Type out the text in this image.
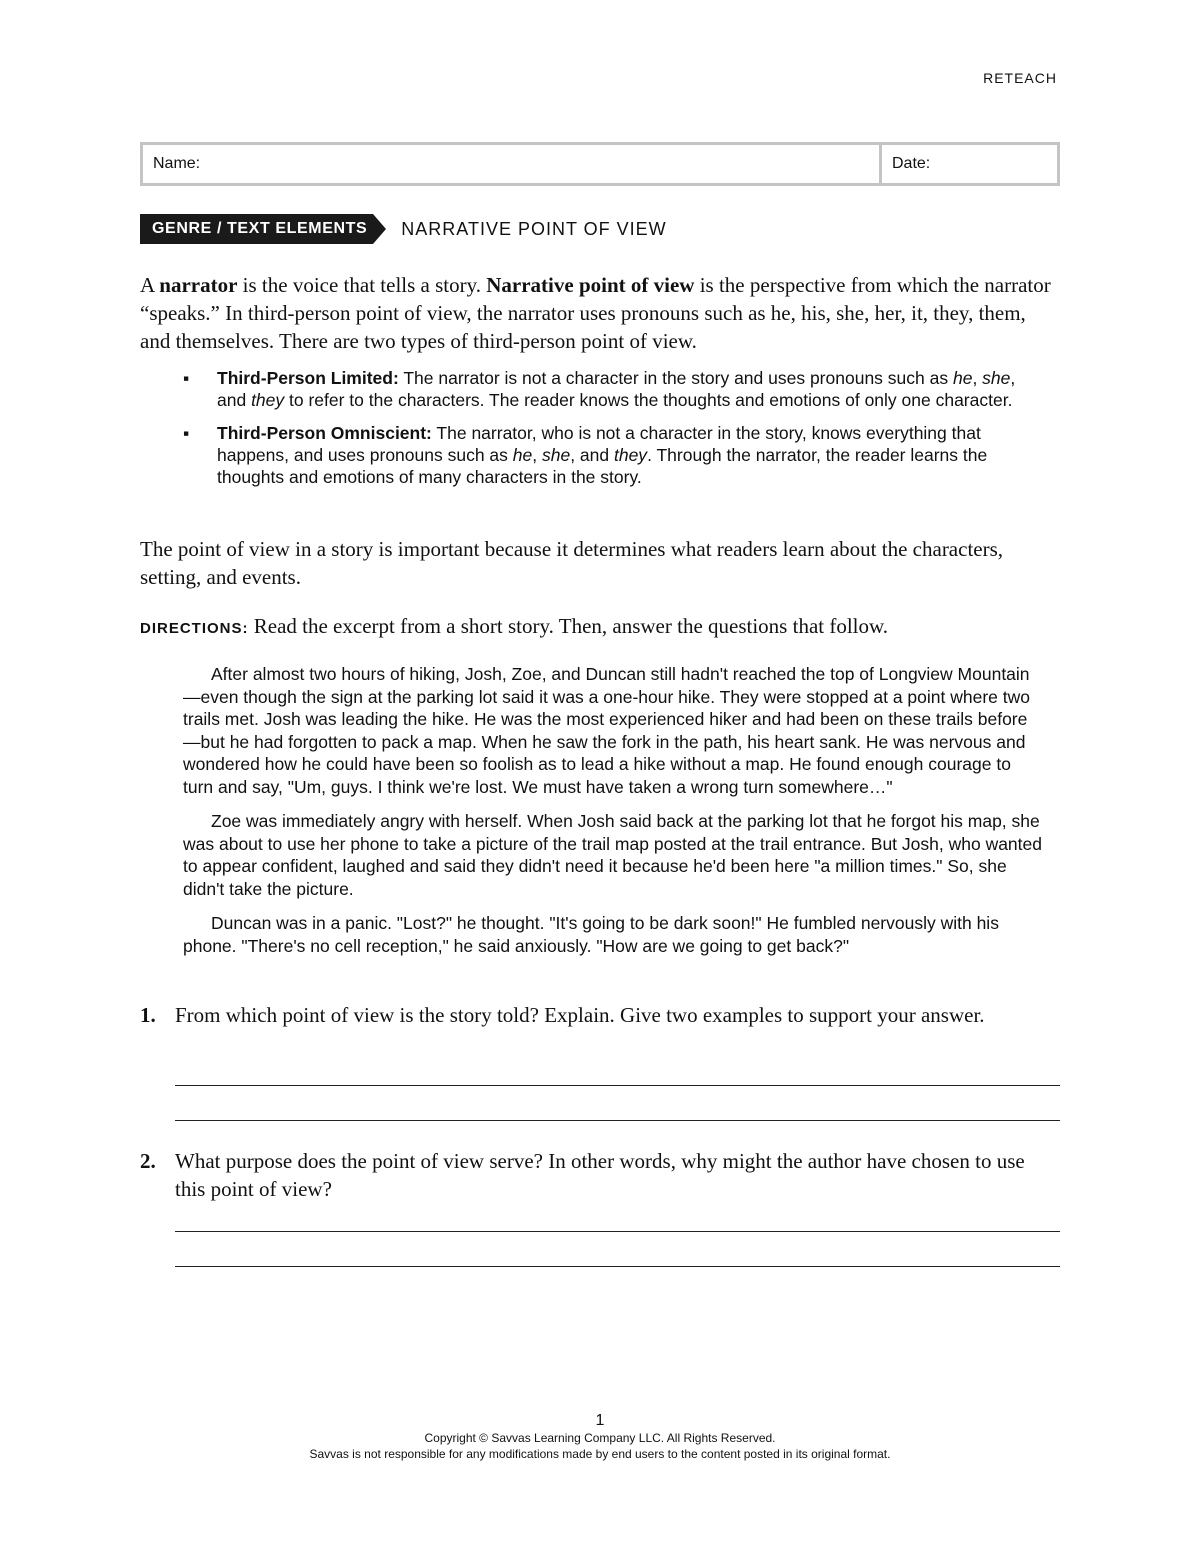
RETEACH
Name:	Date:
GENRE / TEXT ELEMENTS	NARRATIVE POINT OF VIEW

A narrator is the voice that tells a story. Narrative point of view is the perspective from which the narrator “speaks.” In third-person point of view, the narrator uses pronouns such as he, his, she, her, it, they, them, and themselves. There are two types of third-person point of view.

▪ Third-Person Limited: The narrator is not a character in the story and uses pronouns such as he, she, and they to refer to the characters. The reader knows the thoughts and emotions of only one character.
▪ Third-Person Omniscient: The narrator, who is not a character in the story, knows everything that happens, and uses pronouns such as he, she, and they. Through the narrator, the reader learns the thoughts and emotions of many characters in the story.

The point of view in a story is important because it determines what readers learn about the characters, setting, and events.

DIRECTIONS: Read the excerpt from a short story. Then, answer the questions that follow.

After almost two hours of hiking, Josh, Zoe, and Duncan still hadn't reached the top of Longview Mountain—even though the sign at the parking lot said it was a one-hour hike. They were stopped at a point where two trails met. Josh was leading the hike. He was the most experienced hiker and had been on these trails before—but he had forgotten to pack a map. When he saw the fork in the path, his heart sank. He was nervous and wondered how he could have been so foolish as to lead a hike without a map. He found enough courage to turn and say, "Um, guys. I think we're lost. We must have taken a wrong turn somewhere…"

Zoe was immediately angry with herself. When Josh said back at the parking lot that he forgot his map, she was about to use her phone to take a picture of the trail map posted at the trail entrance. But Josh, who wanted to appear confident, laughed and said they didn't need it because he'd been here "a million times." So, she didn't take the picture.

Duncan was in a panic. "Lost?" he thought. "It's going to be dark soon!" He fumbled nervously with his phone. "There's no cell reception," he said anxiously. "How are we going to get back?"

1. From which point of view is the story told? Explain. Give two examples to support your answer.
2. What purpose does the point of view serve? In other words, why might the author have chosen to use this point of view?
1
Copyright © Savvas Learning Company LLC. All Rights Reserved.
Savvas is not responsible for any modifications made by end users to the content posted in its original format.
